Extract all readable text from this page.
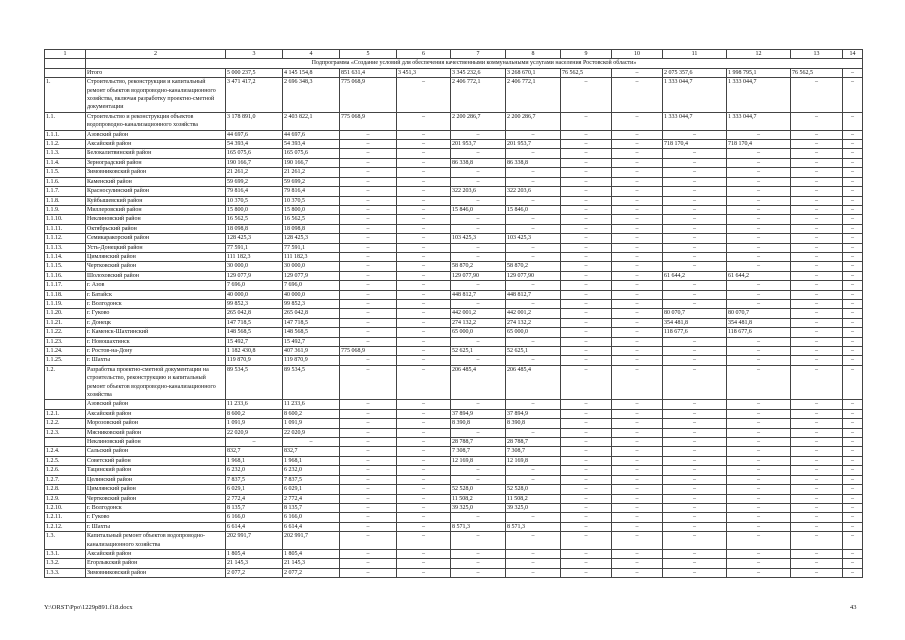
1	2	3	4	5	6	7	8	9	10	11	12	13	14
	Подпрограмма «Создание условий для обеспечения качественными коммунальными услугами населения Ростовской области»												
	Итого	5 000 237,5	4 145 154,8	851 631,4	3 451,3	3 345 232,6	3 268 670,1	76 562,5	–	2 075 357,6	1 998 795,1	76 562,5	–
1.	Строительство, реконструкция и капитальный ремонт объектов водопроводно-канализационного хозяйства, включая разработку проектно-сметной документации	3 471 417,2	2 696 348,3	775 068,9	–	2 406 772,1	2 406 772,1	–	–	1 333 044,7	1 333 044,7	–	–
1.1.	Строительство и реконструкция объектов водопроводно-канализационного хозяйства	3 178 891,0	2 403 822,1	775 068,9	–	2 200 286,7	2 200 286,7	–	–	1 333 044,7	1 333 044,7	–	–
1.1.1.	Азовский район	44 697,6	44 697,6	–	–	–	–	–	–	–	–	–	–
1.1.2.	Аксайский район	54 393,4	54 393,4	–	–	201 953,7	201 953,7	–	–	718 170,4	718 170,4	–	–
1.1.3.	Белокалитвинский район	165 075,6	165 075,6	–	–	–	–	–	–	–	–	–	–
1.1.4.	Зерноградский район	190 166,7	190 166,7	–	–	86 338,8	86 338,8	–	–	–	–	–	–
1.1.5.	Зимовниковский район	21 261,2	21 261,2	–	–	–	–	–	–	–	–	–	–
1.1.6.	Каменский район	59 699,2	59 699,2	–	–	–	–	–	–	–	–	–	–
1.1.7.	Красносулинский район	79 816,4	79 816,4	–	–	322 203,6	322 203,6	–	–	–	–	–	–
1.1.8.	Куйбышевский район	10 370,5	10 370,5	–	–	–	–	–	–	–	–	–	–
1.1.9.	Миллеровский район	15 800,0	15 800,0	–	–	15 846,0	15 846,0	–	–	–	–	–	–
1.1.10.	Неклиновский район	16 562,5	16 562,5	–	–	–	–	–	–	–	–	–	–
1.1.11.	Октябрьский район	18 098,8	18 098,8	–	–	–	–	–	–	–	–	–	–
1.1.12.	Семикаракорский район	128 425,3	128 425,3	–	–	103 425,3	103 425,3	–	–	–	–	–	–
1.1.13.	Усть-Донецкий район	77 591,1	77 591,1	–	–	–	–	–	–	–	–	–	–
1.1.14.	Цимлянский район	111 182,3	111 182,3	–	–	–	–	–	–	–	–	–	–
1.1.15.	Чертковский район	30 000,0	30 000,0	–	–	58 870,2	58 870,2	–	–	–	–	–	–
1.1.16.	Шолоховский район	129 077,9	129 077,9	–	–	129 077,90	129 077,90	–	–	61 644,2	61 644,2	–	–
1.1.17.	г. Азов	7 696,0	7 696,0	–	–	–	–	–	–	–	–	–	–
1.1.18.	г. Батайск	40 000,0	40 000,0	–	–	448 812,7	448 812,7	–	–	–	–	–	–
1.1.19.	г. Волгодонск	99 852,3	99 852,3	–	–	–	–	–	–	–	–	–	–
1.1.20.	г. Гуково	265 042,8	265 042,8	–	–	442 001,2	442 001,2	–	–	80 070,7	80 070,7	–	–
1.1.21.	г. Донецк	147 718,5	147 718,5	–	–	274 132,2	274 132,2	–	–	354 481,8	354 481,8	–	–
1.1.22.	г. Каменск-Шахтинский	148 568,5	148 568,5	–	–	65 000,0	65 000,0	–	–	118 677,6	118 677,6	–	–
1.1.23.	г. Новошахтинск	15 492,7	15 492,7	–	–	–	–	–	–	–	–	–	–
1.1.24.	г. Ростов-на-Дону	1 182 430,8	407 361,9	775 068,9	–	52 625,1	52 625,1	–	–	–	–	–	–
1.1.25.	г. Шахты	119 870,9	119 870,9	–	–	–	–	–	–	–	–	–	–
1.2.	Разработка проектно-сметной документации на строительство, реконструкцию и капитальный ремонт объектов водопроводно-канализационного хозяйства	89 534,5	89 534,5	–	–	206 485,4	206 485,4	–	–	–	–	–	–
	Азовский район	11 233,6	11 233,6	–	–	–	–	–	–	–	–	–	–
1.2.1.	Аксайский район	8 600,2	8 600,2	–	–	37 894,9	37 894,9	–	–	–	–	–	–
1.2.2.	Морозовский район	1 091,9	1 091,9	–	–	8 390,8	8 390,8	–	–	–	–	–	–
1.2.3.	Мясниковский район	22 020,9	22 020,9	–	–	–	–	–	–	–	–	–	–
	Неклиновский район	–	–	–	–	28 788,7	28 788,7	–	–	–	–	–	–
1.2.4.	Сальский район	832,7	832,7	–	–	7 308,7	7 308,7	–	–	–	–	–	–
1.2.5.	Советский район	1 968,1	1 968,1	–	–	12 169,8	12 169,8	–	–	–	–	–	–
1.2.6.	Тацинский район	6 232,0	6 232,0	–	–	–	–	–	–	–	–	–	–
1.2.7.	Целинский район	7 837,5	7 837,5	–	–	–	–	–	–	–	–	–	–
1.2.8.	Цимлянский район	6 029,1	6 029,1	–	–	52 528,0	52 528,0	–	–	–	–	–	–
1.2.9.	Чертковский район	2 772,4	2 772,4	–	–	11 508,2	11 508,2	–	–	–	–	–	–
1.2.10.	г. Волгодонск	8 135,7	8 135,7	–	–	39 325,0	39 325,0	–	–	–	–	–	–
1.2.11.	г. Гуково	6 166,0	6 166,0	–	–	–	–	–	–	–	–	–	–
1.2.12.	г. Шахты	6 614,4	6 614,4	–	–	8 571,3	8 571,3	–	–	–	–	–	–
1.3.	Капитальный ремонт объектов водопроводно-канализационного хозяйства	202 991,7	202 991,7	–	–	–	–	–	–	–	–	–	–
1.3.1.	Аксайский район	1 805,4	1 805,4	–	–	–	–	–	–	–	–	–	–
1.3.2.	Егорлыкский район	21 145,3	21 145,3	–	–	–	–	–	–	–	–	–	–
1.3.3.	Зимовниковский район	2 077,2	2 077,2	–	–	–	–	–	–	–	–	–	–
Y:\ORST\Ppo\1229p891.f18.docx	43
